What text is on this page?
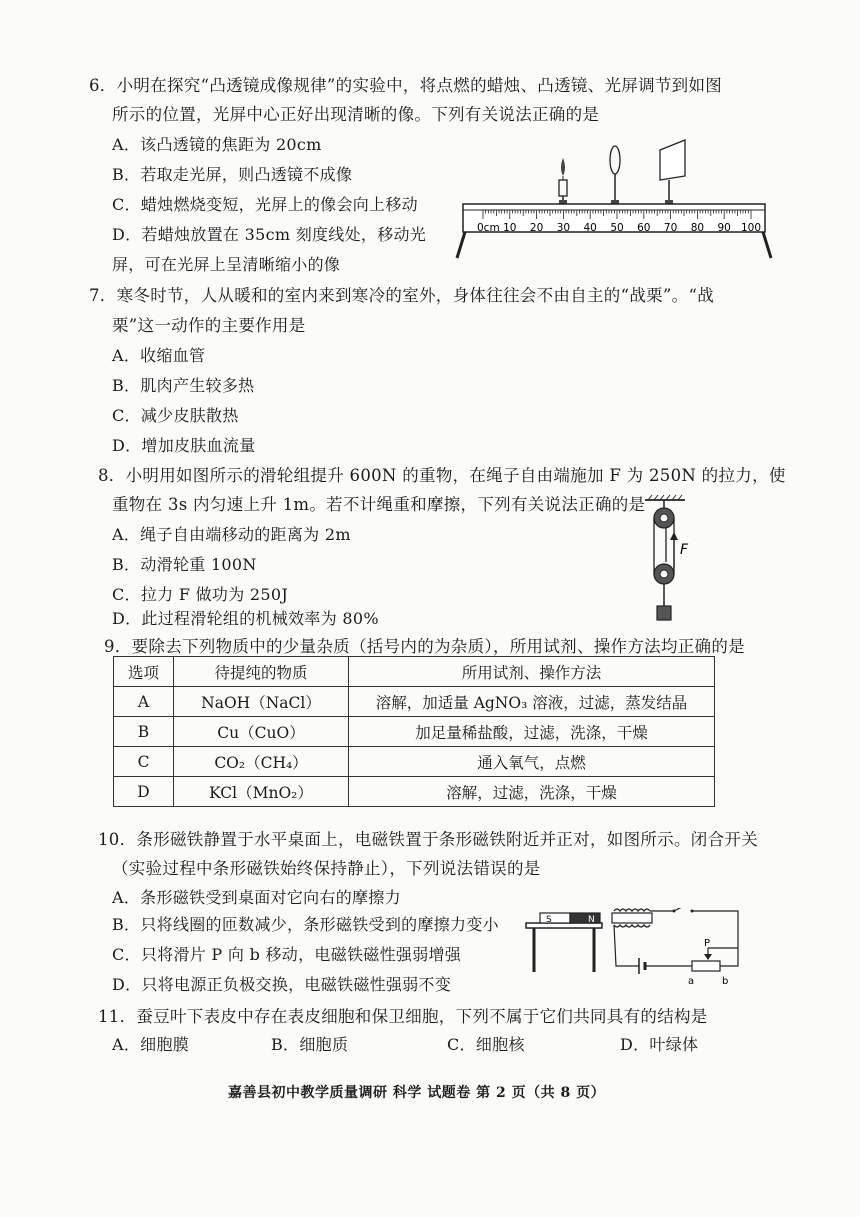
6．小明在探究“凸透镜成像规律”的实验中，将点燃的蜡烛、凸透镜、光屏调节到如图
所示的位置，光屏中心正好出现清晰的像。下列有关说法正确的是
A．该凸透镜的焦距为 20cm
B．若取走光屏，则凸透镜不成像
C．蜡烛燃烧变短，光屏上的像会向上移动
D．若蜡烛放置在 35cm 刻度线处，移动光
屏，可在光屏上呈清晰缩小的像
0cm 10 20 30 40 50 60 70 80 90 100
7．寒冬时节，人从暖和的室内来到寒冷的室外，身体往往会不由自主的“战栗”。“战
栗”这一动作的主要作用是
A．收缩血管
B．肌肉产生较多热
C．减少皮肤散热
D．增加皮肤血流量
8．小明用如图所示的滑轮组提升 600N 的重物，在绳子自由端施加 F 为 250N 的拉力，使
重物在 3s 内匀速上升 1m。若不计绳重和摩擦，下列有关说法正确的是
A．绳子自由端移动的距离为 2m
B．动滑轮重 100N
C．拉力 F 做功为 250J
D．此过程滑轮组的机械效率为 80%
F
9．要除去下列物质中的少量杂质（括号内的为杂质），所用试剂、操作方法均正确的是
选项	待提纯的物质	所用试剂、操作方法
A	NaOH（NaCl）	溶解，加适量 AgNO₃ 溶液，过滤，蒸发结晶
B	Cu（CuO）	加足量稀盐酸，过滤，洗涤，干燥
C	CO₂（CH₄）	通入氧气，点燃
D	KCl（MnO₂）	溶解，过滤，洗涤，干燥
10．条形磁铁静置于水平桌面上，电磁铁置于条形磁铁附近并正对，如图所示。闭合开关
（实验过程中条形磁铁始终保持静止），下列说法错误的是
A．条形磁铁受到桌面对它向右的摩擦力
B．只将线圈的匝数减少，条形磁铁受到的摩擦力变小
C．只将滑片 P 向 b 移动，电磁铁磁性强弱增强
D．只将电源正负极交换，电磁铁磁性强弱不变
S	N
P
a	b
11．蚕豆叶下表皮中存在表皮细胞和保卫细胞，下列不属于它们共同具有的结构是
A．细胞膜	B．细胞质	C．细胞核	D．叶绿体
嘉善县初中教学质量调研 科学 试题卷 第 2 页（共 8 页）
